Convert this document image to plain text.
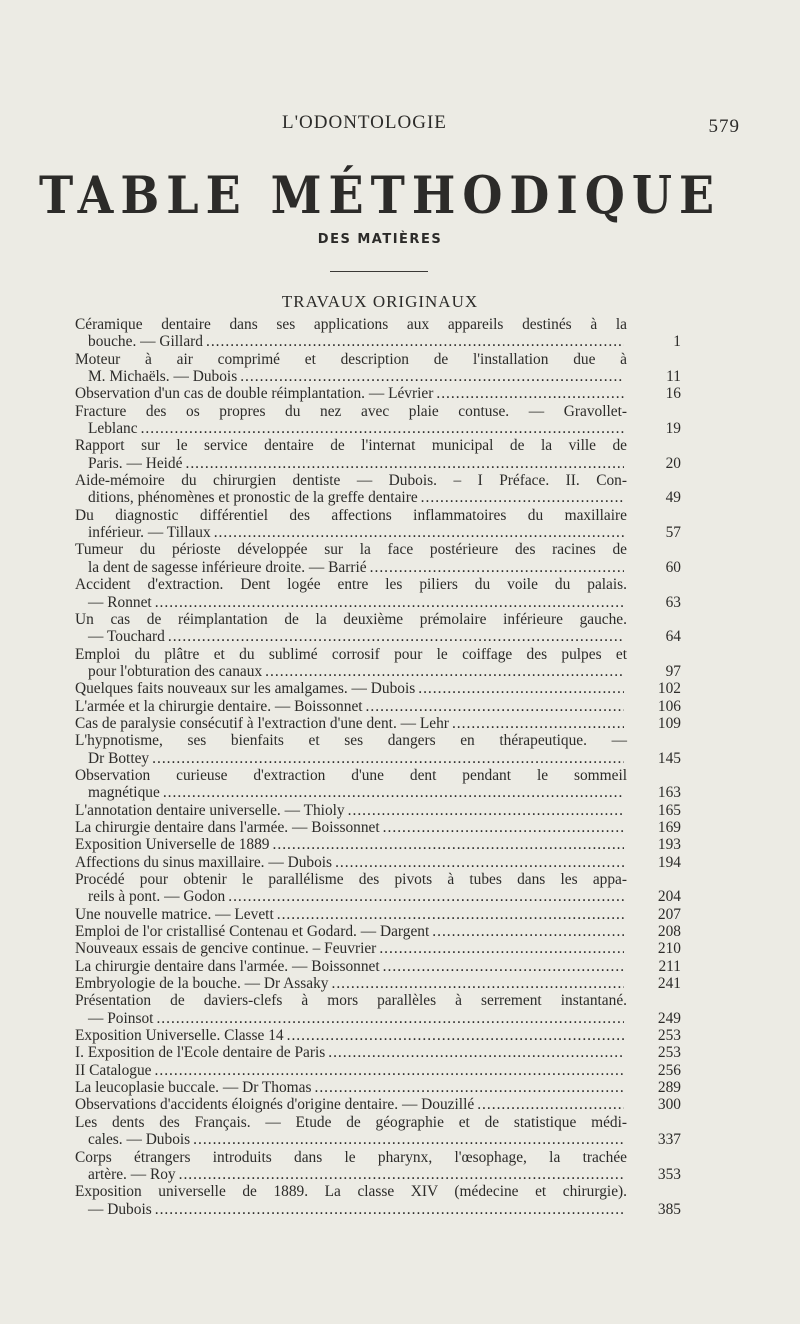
L'ODONTOLOGIE	579
TABLE MÉTHODIQUE
DES MATIÈRES
TRAVAUX ORIGINAUX
Céramique dentaire dans ses applications aux appareils destinés à la
bouche. — Gillard .....	1
Moteur à air comprimé et description de l'installation due à
M. Michaëls. — Dubois .....	11
Observation d'un cas de double réimplantation. — Lévrier .....	16
Fracture des os propres du nez avec plaie contuse. — Gravollet-
Leblanc .....	19
Rapport sur le service dentaire de l'internat municipal de la ville de
Paris. — Heidé .....	20
Aide-mémoire du chirurgien dentiste — Dubois. – I Préface. II. Con-
ditions, phénomènes et pronostic de la greffe dentaire .....	49
Du diagnostic différentiel des affections inflammatoires du maxillaire
inférieur. — Tillaux .....	57
Tumeur du périoste développée sur la face postérieure des racines de
la dent de sagesse inférieure droite. — Barrié .....	60
Accident d'extraction. Dent logée entre les piliers du voile du palais.
— Ronnet .....	63
Un cas de réimplantation de la deuxième prémolaire inférieure gauche.
— Touchard .....	64
Emploi du plâtre et du sublimé corrosif pour le coiffage des pulpes et
pour l'obturation des canaux .....	97
Quelques faits nouveaux sur les amalgames. — Dubois .....	102
L'armée et la chirurgie dentaire. — Boissonnet .....	106
Cas de paralysie consécutif à l'extraction d'une dent. — Lehr .....	109
L'hypnotisme, ses bienfaits et ses dangers en thérapeutique. —
Dr Bottey .....	145
Observation curieuse d'extraction d'une dent pendant le sommeil
magnétique .....	163
L'annotation dentaire universelle. — Thioly .....	165
La chirurgie dentaire dans l'armée. — Boissonnet .....	169
Exposition Universelle de 1889 .....	193
Affections du sinus maxillaire. — Dubois .....	194
Procédé pour obtenir le parallélisme des pivots à tubes dans les appa-
reils à pont. — Godon .....	204
Une nouvelle matrice. — Levett .....	207
Emploi de l'or cristallisé Contenau et Godard. — Dargent .....	208
Nouveaux essais de gencive continue. – Feuvrier .....	210
La chirurgie dentaire dans l'armée. — Boissonnet .....	211
Embryologie de la bouche. — Dr Assaky .....	241
Présentation de daviers-clefs à mors parallèles à serrement instantané.
— Poinsot .....	249
Exposition Universelle. Classe 14 .....	253
I. Exposition de l'Ecole dentaire de Paris .....	253
II Catalogue .....	256
La leucoplasie buccale. — Dr Thomas .....	289
Observations d'accidents éloignés d'origine dentaire. — Douzillé .....	300
Les dents des Français. — Etude de géographie et de statistique médi-
cales. — Dubois .....	337
Corps étrangers introduits dans le pharynx, l'œsophage, la trachée
artère. — Roy .....	353
Exposition universelle de 1889. La classe XIV (médecine et chirurgie).
— Dubois .....	385
